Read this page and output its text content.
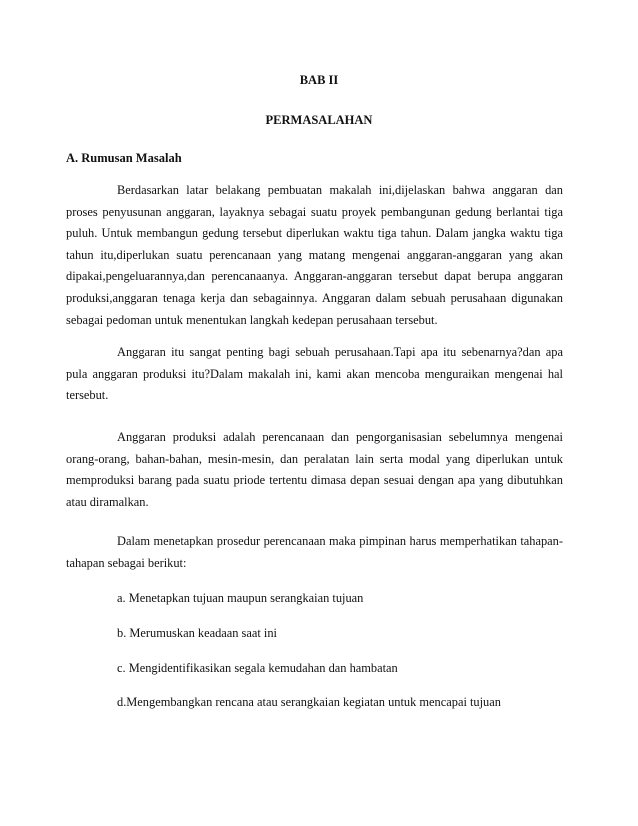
BAB II
PERMASALAHAN
A. Rumusan Masalah

Berdasarkan latar belakang pembuatan makalah ini,dijelaskan bahwa anggaran dan proses penyusunan anggaran, layaknya sebagai suatu proyek pembangunan gedung berlantai tiga puluh. Untuk membangun gedung tersebut diperlukan waktu tiga tahun. Dalam jangka waktu tiga tahun itu,diperlukan suatu perencanaan yang matang mengenai anggaran-anggaran yang akan dipakai,pengeluarannya,dan perencanaanya. Anggaran-anggaran tersebut dapat berupa anggaran produksi,anggaran tenaga kerja dan sebagainnya. Anggaran dalam sebuah perusahaan digunakan sebagai pedoman untuk menentukan langkah kedepan perusahaan tersebut.

Anggaran itu sangat penting bagi sebuah perusahaan.Tapi apa itu sebenarnya?dan apa pula anggaran produksi itu?Dalam makalah ini, kami akan mencoba menguraikan mengenai hal tersebut.

Anggaran produksi adalah perencanaan dan pengorganisasian sebelumnya mengenai orang-orang, bahan-bahan, mesin-mesin, dan peralatan lain serta modal yang diperlukan untuk memproduksi barang pada suatu priode tertentu dimasa depan sesuai dengan apa yang dibutuhkan atau diramalkan.

Dalam menetapkan prosedur perencanaan maka pimpinan harus memperhatikan tahapan-tahapan sebagai berikut:

a. Menetapkan tujuan maupun serangkaian tujuan
b. Merumuskan keadaan saat ini
c. Mengidentifikasikan segala kemudahan dan hambatan
d.Mengembangkan rencana atau serangkaian kegiatan untuk mencapai tujuan
